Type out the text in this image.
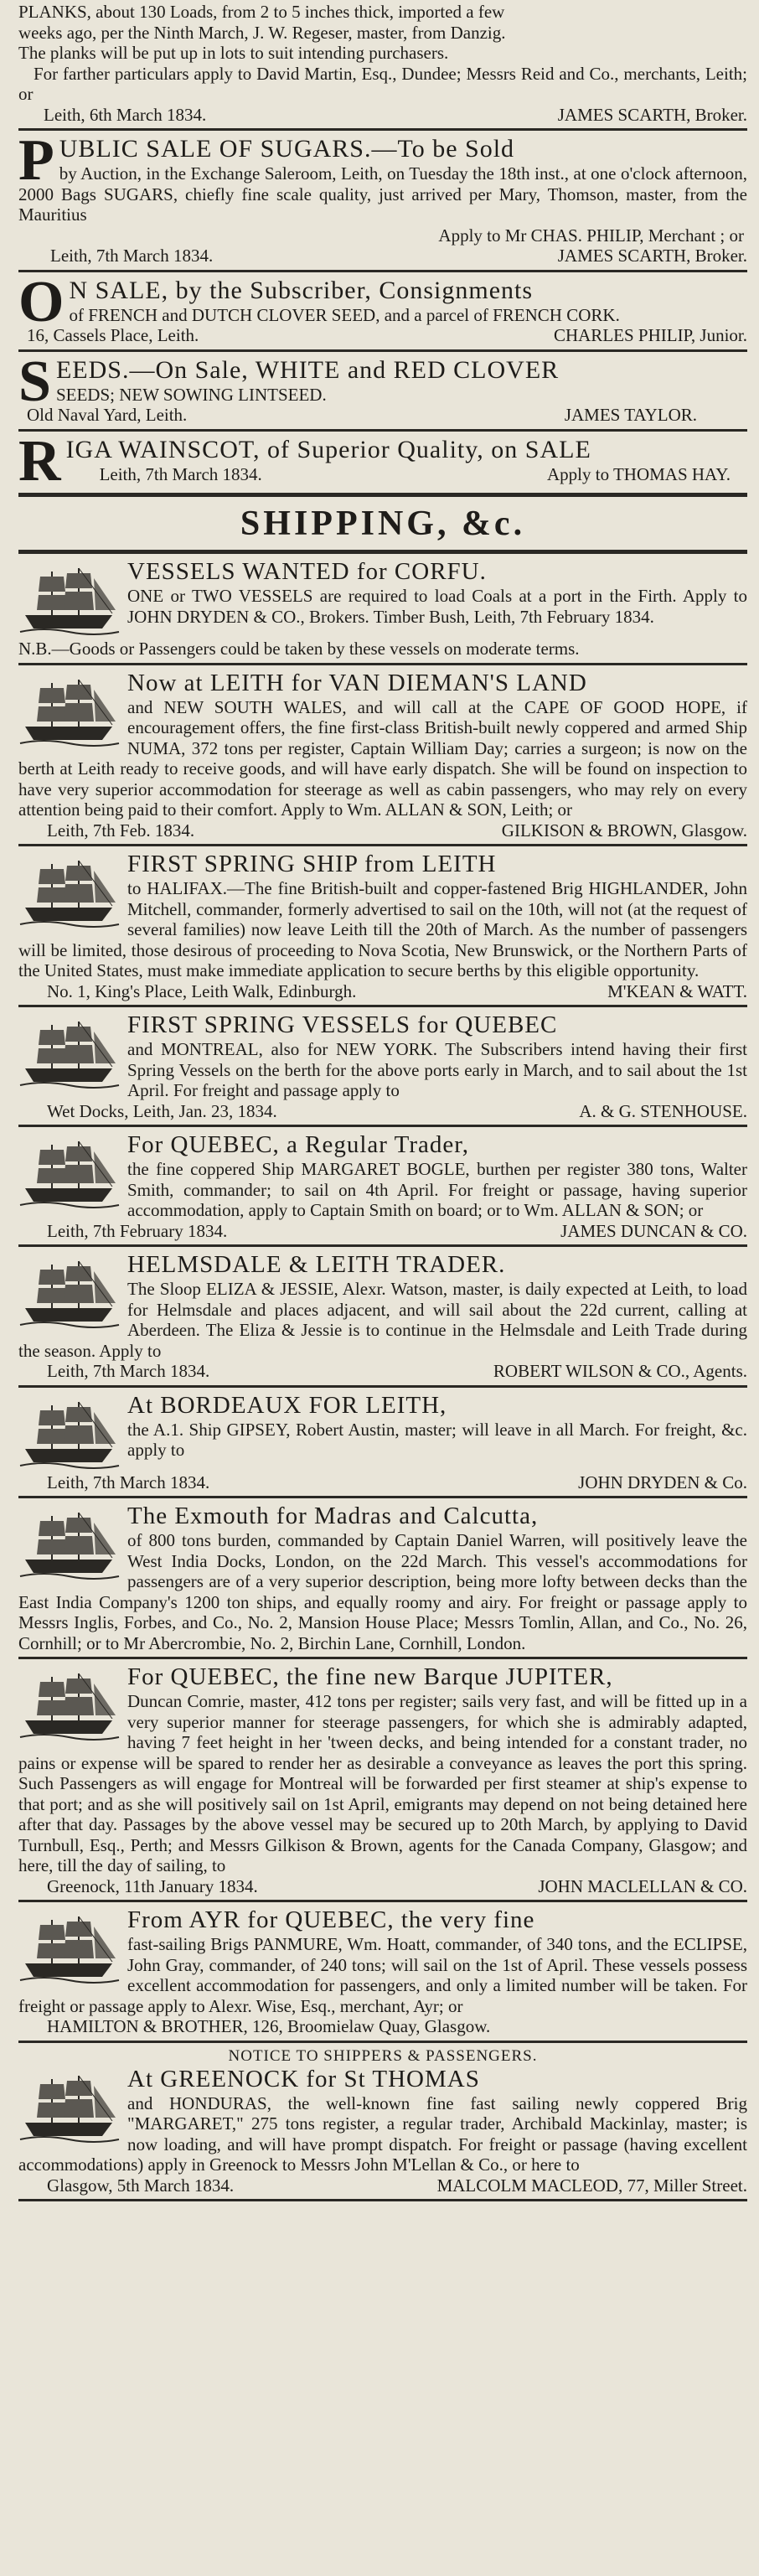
PLANKS, about 130 Loads, from 2 to 5 inches thick, imported a few

weeks ago, per the Ninth March, J. W. Regeser, master, from Danzig.

The planks will be put up in lots to suit intending purchasers.

For farther particulars apply to David Martin, Esq., Dundee; Messrs Reid and Co., merchants, Leith; or

Leith, 6th March 1834.	JAMES SCARTH, Broker.
P UBLIC SALE OF SUGARS.—To be Sold

by Auction, in the Exchange Saleroom, Leith, on Tuesday the 18th inst., at one o'clock afternoon, 2000 Bags SUGARS, chiefly fine scale quality, just arrived per Mary, Thomson, master, from the Mauritius

Apply to Mr CHAS. PHILIP, Merchant ; or
Leith, 7th March 1834.	JAMES SCARTH, Broker.
O N SALE, by the Subscriber, Consignments

of FRENCH and DUTCH CLOVER SEED, and a parcel of FRENCH CORK.

16, Cassels Place, Leith.	CHARLES PHILIP, Junior.
S EEDS.—On Sale, WHITE and RED CLOVER

SEEDS; NEW SOWING LINTSEED.

Old Naval Yard, Leith.	JAMES TAYLOR.
R IGA WAINSCOT, of Superior Quality, on SALE
Leith, 7th March 1834.	Apply to THOMAS HAY.
SHIPPING, &c.
VESSELS WANTED for CORFU.

ONE or TWO VESSELS are required to load Coals at a port in the Firth. Apply to JOHN DRYDEN & CO., Brokers. Timber Bush, Leith, 7th February 1834.

N.B.—Goods or Passengers could be taken by these vessels on moderate terms.

Now at LEITH for VAN DIEMAN'S LAND

and NEW SOUTH WALES, and will call at the CAPE OF GOOD HOPE, if encouragement offers, the fine first-class British-built newly coppered and armed Ship NUMA, 372 tons per register, Captain William Day; carries a surgeon; is now on the berth at Leith ready to receive goods, and will have early dispatch. She will be found on inspection to have very superior accommodation for steerage as well as cabin passengers, who may rely on every attention being paid to their comfort. Apply to Wm. ALLAN & SON, Leith; or

Leith, 7th Feb. 1834.	GILKISON & BROWN, Glasgow.
FIRST SPRING SHIP from LEITH

to HALIFAX.—The fine British-built and copper-fastened Brig HIGHLANDER, John Mitchell, commander, formerly advertised to sail on the 10th, will not (at the request of several families) now leave Leith till the 20th of March. As the number of passengers will be limited, those desirous of proceeding to Nova Scotia, New Brunswick, or the Northern Parts of the United States, must make immediate application to secure berths by this eligible opportunity.

No. 1, King's Place, Leith Walk, Edinburgh.	M'KEAN & WATT.
FIRST SPRING VESSELS for QUEBEC

and MONTREAL, also for NEW YORK. The Subscribers intend having their first Spring Vessels on the berth for the above ports early in March, and to sail about the 1st April. For freight and passage apply to

Wet Docks, Leith, Jan. 23, 1834.	A. & G. STENHOUSE.
For QUEBEC, a Regular Trader,

the fine coppered Ship MARGARET BOGLE, burthen per register 380 tons, Walter Smith, commander; to sail on 4th April. For freight or passage, having superior accommodation, apply to Captain Smith on board; or to Wm. ALLAN & SON; or

Leith, 7th February 1834.	JAMES DUNCAN & CO.
HELMSDALE & LEITH TRADER.

The Sloop ELIZA & JESSIE, Alexr. Watson, master, is daily expected at Leith, to load for Helmsdale and places adjacent, and will sail about the 22d current, calling at Aberdeen. The Eliza & Jessie is to continue in the Helmsdale and Leith Trade during the season. Apply to

Leith, 7th March 1834.	ROBERT WILSON & CO., Agents.
At BORDEAUX FOR LEITH,

the A.1. Ship GIPSEY, Robert Austin, master; will leave in all March. For freight, &c. apply to

Leith, 7th March 1834.	JOHN DRYDEN & Co.
The Exmouth for Madras and Calcutta,

of 800 tons burden, commanded by Captain Daniel Warren, will positively leave the West India Docks, London, on the 22d March. This vessel's accommodations for passengers are of a very superior description, being more lofty between decks than the East India Company's 1200 ton ships, and equally roomy and airy. For freight or passage apply to Messrs Inglis, Forbes, and Co., No. 2, Mansion House Place; Messrs Tomlin, Allan, and Co., No. 26, Cornhill; or to Mr Abercrombie, No. 2, Birchin Lane, Cornhill, London.

For QUEBEC, the fine new Barque JUPITER,

Duncan Comrie, master, 412 tons per register; sails very fast, and will be fitted up in a very superior manner for steerage passengers, for which she is admirably adapted, having 7 feet height in her 'tween decks, and being intended for a constant trader, no pains or expense will be spared to render her as desirable a conveyance as leaves the port this spring. Such Passengers as will engage for Montreal will be forwarded per first steamer at ship's expense to that port; and as she will positively sail on 1st April, emigrants may depend on not being detained here after that day. Passages by the above vessel may be secured up to 20th March, by applying to David Turnbull, Esq., Perth; and Messrs Gilkison & Brown, agents for the Canada Company, Glasgow; and here, till the day of sailing, to

Greenock, 11th January 1834.	JOHN MACLELLAN & CO.
From AYR for QUEBEC, the very fine

fast-sailing Brigs PANMURE, Wm. Hoatt, commander, of 340 tons, and the ECLIPSE, John Gray, commander, of 240 tons; will sail on the 1st of April. These vessels possess excellent accommodation for passengers, and only a limited number will be taken. For freight or passage apply to Alexr. Wise, Esq., merchant, Ayr; or

HAMILTON & BROTHER, 126, Broomielaw Quay, Glasgow.
NOTICE TO SHIPPERS & PASSENGERS.
At GREENOCK for St THOMAS

and HONDURAS, the well-known fine fast sailing newly coppered Brig "MARGARET," 275 tons register, a regular trader, Archibald Mackinlay, master; is now loading, and will have prompt dispatch. For freight or passage (having excellent accommodations) apply in Greenock to Messrs John M'Lellan & Co., or here to

Glasgow, 5th March 1834.	MALCOLM MACLEOD, 77, Miller Street.
